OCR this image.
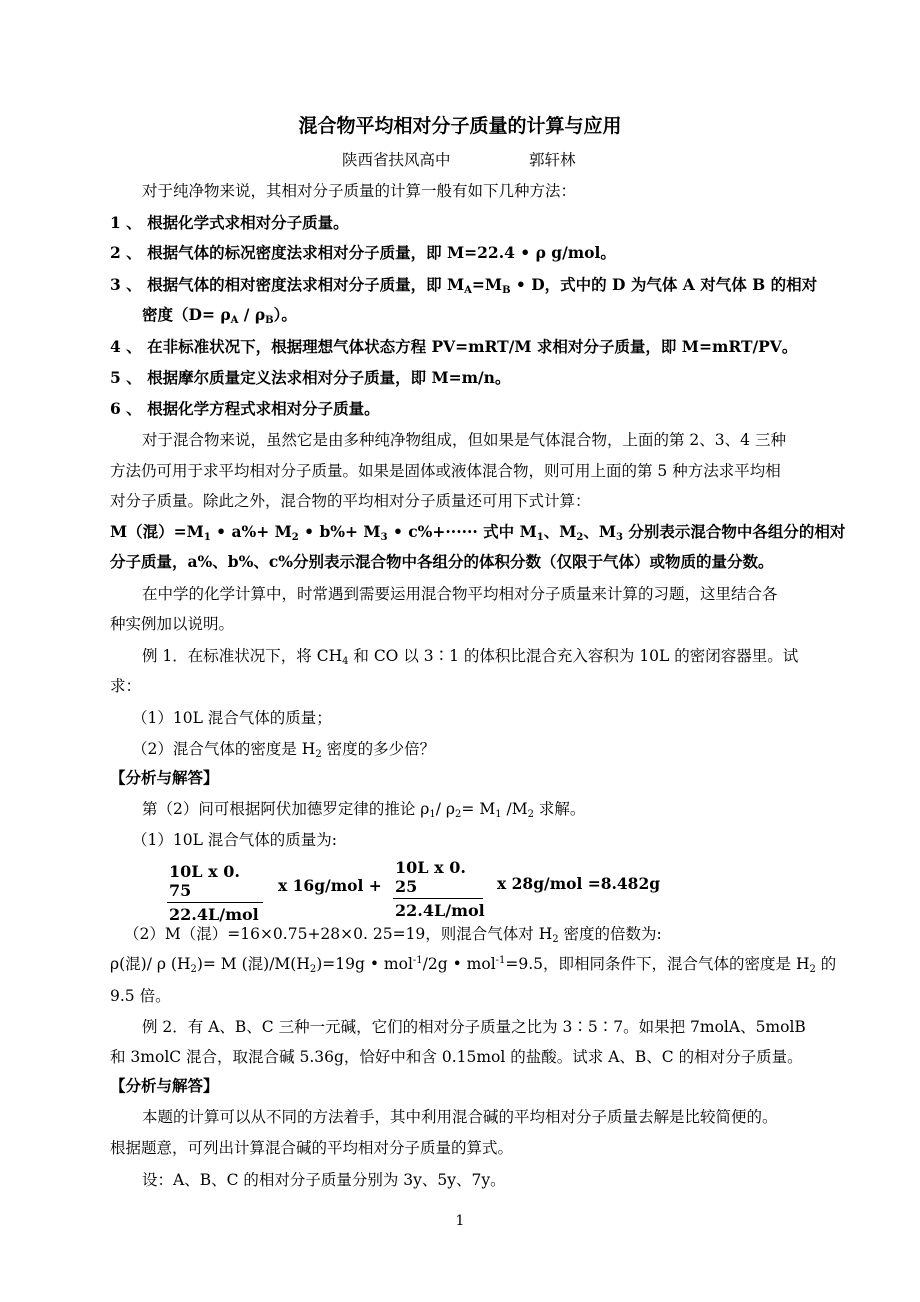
混合物平均相对分子质量的计算与应用
陕西省扶风高中	郭轩林
对于纯净物来说，其相对分子质量的计算一般有如下几种方法：
1 、 根据化学式求相对分子质量。
2 、 根据气体的标况密度法求相对分子质量，即 M=22.4 • ρ g/mol。
3 、 根据气体的相对密度法求相对分子质量，即 $M_A=M_B$ • D，式中的 D 为气体 A 对气体 B 的相对
密度$(D= \rho_A / \rho_B)$。
4 、 在非标准状况下，根据理想气体状态方程 PV=mRT/M 求相对分子质量，即 M=mRT/PV。
5 、 根据摩尔质量定义法求相对分子质量，即 M=m/n。
6 、 根据化学方程式求相对分子质量。
对于混合物来说，虽然它是由多种纯净物组成，但如果是气体混合物，上面的第 2、3、4 三种
方法仍可用于求平均相对分子质量。如果是固体或液体混合物，则可用上面的第 5 种方法求平均相
对分子质量。除此之外，混合物的平均相对分子质量还可用下式计算：
M（混）$=M_1$ • $a\%+ M_2$ • $b\%+ M_3$ • c%+······ 式中 $M_1$、$M_2$、$M_3$ 分别表示混合物中各组分的相对
分子质量，a%、b%、c%分别表示混合物中各组分的体积分数（仅限于气体）或物质的量分数。
在中学的化学计算中，时常遇到需要运用混合物平均相对分子质量来计算的习题，这里结合各
种实例加以说明。
例 1．在标准状况下，将 $CH_4$ 和 CO 以 3∶1 的体积比混合充入容积为 10L 的密闭容器里。试
求：
（1）10L 混合气体的质量；
（2）混合气体的密度是 $H_2$ 密度的多少倍？
【分析与解答】
第（2）问可根据阿伏加德罗定律的推论 $\rho_1/$ $\rho_2= M_1$ $/M_2$ 求解。
（1）10L 混合气体的质量为:
10L x 0. 75
22.4L/mol
x 16g/mol +
10L x 0. 25
22.4L/mol
x 28g/mol =8.482g
（2）M（混）=16×0.75+28×0. 25=19，则混合气体对 $H_2$ 密度的倍数为:
ρ(混)/ ρ $(H_2)= M$ (混)$/M(H_2)=19g$ • mol$^{-1}$/2g • mol$^{-1}$=9.5，即相同条件下，混合气体的密度是 $H_2$ 的
9.5 倍。
例 2．有 A、B、C 三种一元碱，它们的相对分子质量之比为 3∶5∶7。如果把 7molA、5molB
和 3molC 混合，取混合碱 5.36g，恰好中和含 0.15mol 的盐酸。试求 A、B、C 的相对分子质量。
【分析与解答】
本题的计算可以从不同的方法着手，其中利用混合碱的平均相对分子质量去解是比较简便的。
根据题意，可列出计算混合碱的平均相对分子质量的算式。
设：A、B、C 的相对分子质量分别为 3y、5y、7y。
1
